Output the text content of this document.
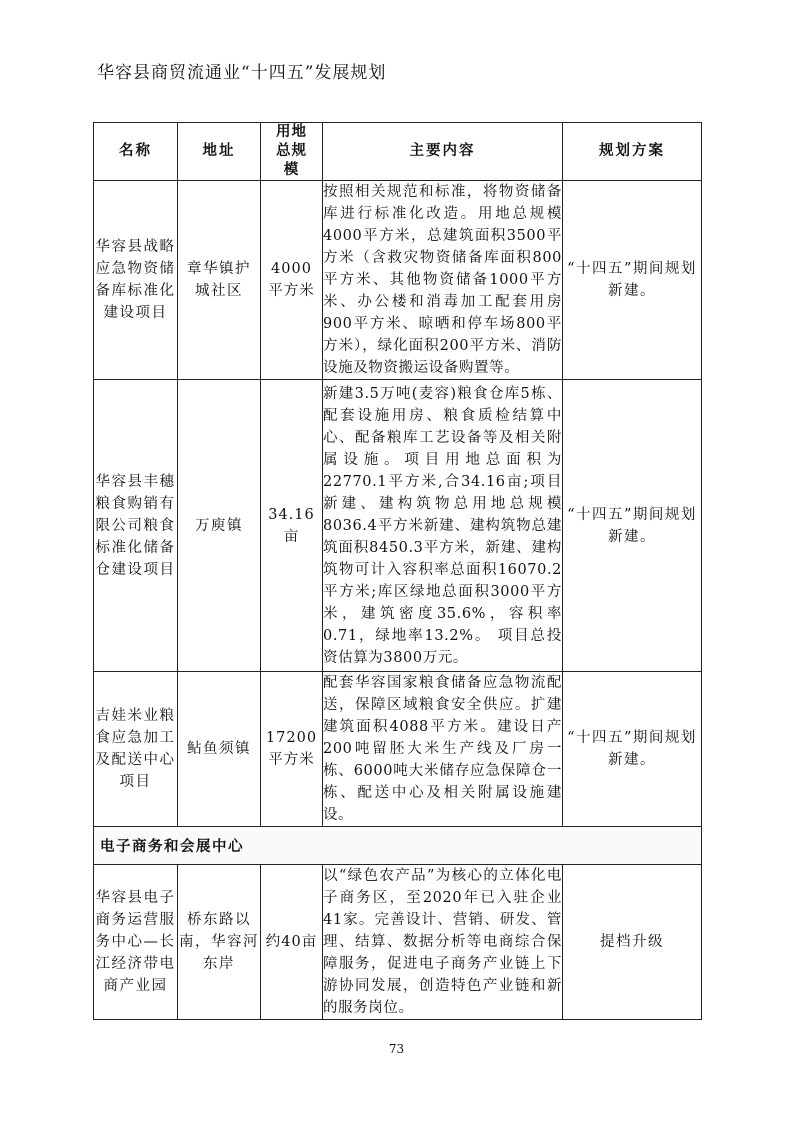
华容县商贸流通业“十四五”发展规划
名称	地址	用地总规模	主要内容	规划方案
华容县战略应急物资储备库标准化建设项目	章华镇护城社区	4000平方米	按照相关规范和标准，将物资储备库进行标准化改造。用地总规模4000平方米，总建筑面积3500平方米（含救灾物资储备库面积800平方米、其他物资储备1000平方米、办公楼和消毒加工配套用房900平方米、晾晒和停车场800平方米），绿化面积200平方米、消防设施及物资搬运设备购置等。	“十四五”期间规划新建。
华容县丰穗粮食购销有限公司粮食标准化储备仓建设项目	万庾镇	34.16亩	新建3.5万吨(麦容)粮食仓库5栋、配套设施用房、粮食质检结算中心、配备粮库工艺设备等及相关附属设施。项目用地总面积为22770.1平方米,合34.16亩;项目新建、建构筑物总用地总规模8036.4平方米新建、建构筑物总建筑面积8450.3平方米，新建、建构筑物可计入容积率总面积16070.2平方米;库区绿地总面积3000平方米，建筑密度35.6%，容积率0.71，绿地率13.2%。 项目总投资估算为3800万元。	“十四五”期间规划新建。
吉娃米业粮食应急加工及配送中心项目	鲇鱼须镇	17200平方米	配套华容国家粮食储备应急物流配送，保障区域粮食安全供应。扩建建筑面积4088平方米。建设日产200吨留胚大米生产线及厂房一栋、6000吨大米储存应急保障仓一栋、配送中心及相关附属设施建设。	“十四五”期间规划新建。
电子商务和会展中心				
华容县电子商务运营服务中心—长江经济带电商产业园	桥东路以南，华容河东岸	约40亩	以“绿色农产品”为核心的立体化电子商务区，至2020年已入驻企业41家。完善设计、营销、研发、管理、结算、数据分析等电商综合保障服务，促进电子商务产业链上下游协同发展，创造特色产业链和新的服务岗位。	提档升级
73
